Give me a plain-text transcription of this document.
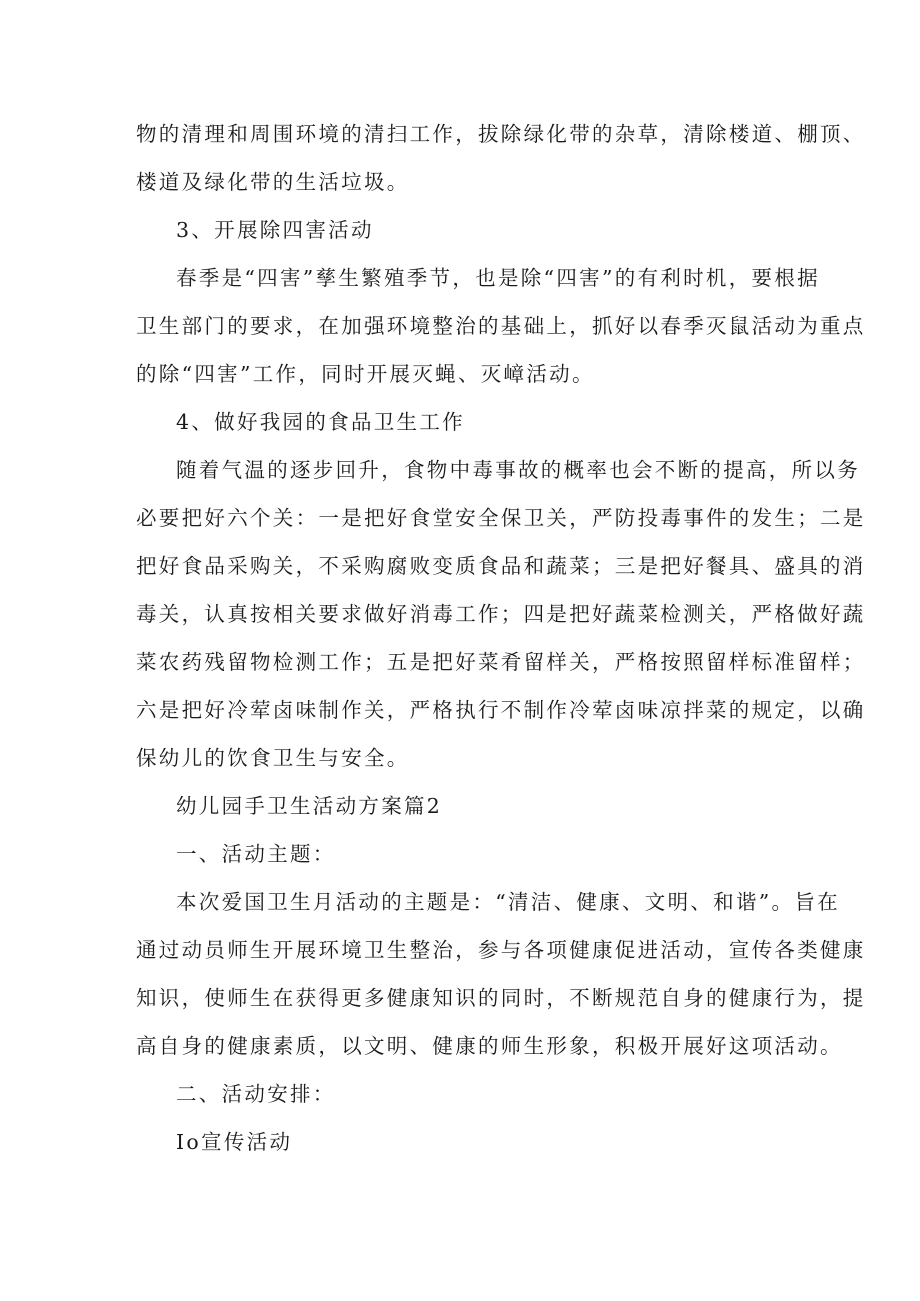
物的清理和周围环境的清扫工作，拔除绿化带的杂草，清除楼道、棚顶、
楼道及绿化带的生活垃圾。
3、开展除四害活动
春季是“四害”孳生繁殖季节，也是除“四害”的有利时机，要根据
卫生部门的要求，在加强环境整治的基础上，抓好以春季灭鼠活动为重点
的除“四害”工作，同时开展灭蝇、灭嶂活动。
4、做好我园的食品卫生工作
随着气温的逐步回升，食物中毒事故的概率也会不断的提高，所以务
必要把好六个关：一是把好食堂安全保卫关，严防投毒事件的发生；二是
把好食品采购关，不采购腐败变质食品和蔬菜；三是把好餐具、盛具的消
毒关，认真按相关要求做好消毒工作；四是把好蔬菜检测关，严格做好蔬
菜农药残留物检测工作；五是把好菜肴留样关，严格按照留样标准留样；
六是把好冷荤卤味制作关，严格执行不制作冷荤卤味凉拌菜的规定，以确
保幼儿的饮食卫生与安全。
幼儿园手卫生活动方案篇2
一、活动主题：
本次爱国卫生月活动的主题是：“清洁、健康、文明、和谐”。旨在
通过动员师生开展环境卫生整治，参与各项健康促进活动，宣传各类健康
知识，使师生在获得更多健康知识的同时，不断规范自身的健康行为，提
高自身的健康素质，以文明、健康的师生形象，积极开展好这项活动。
二、活动安排：
Io宣传活动
